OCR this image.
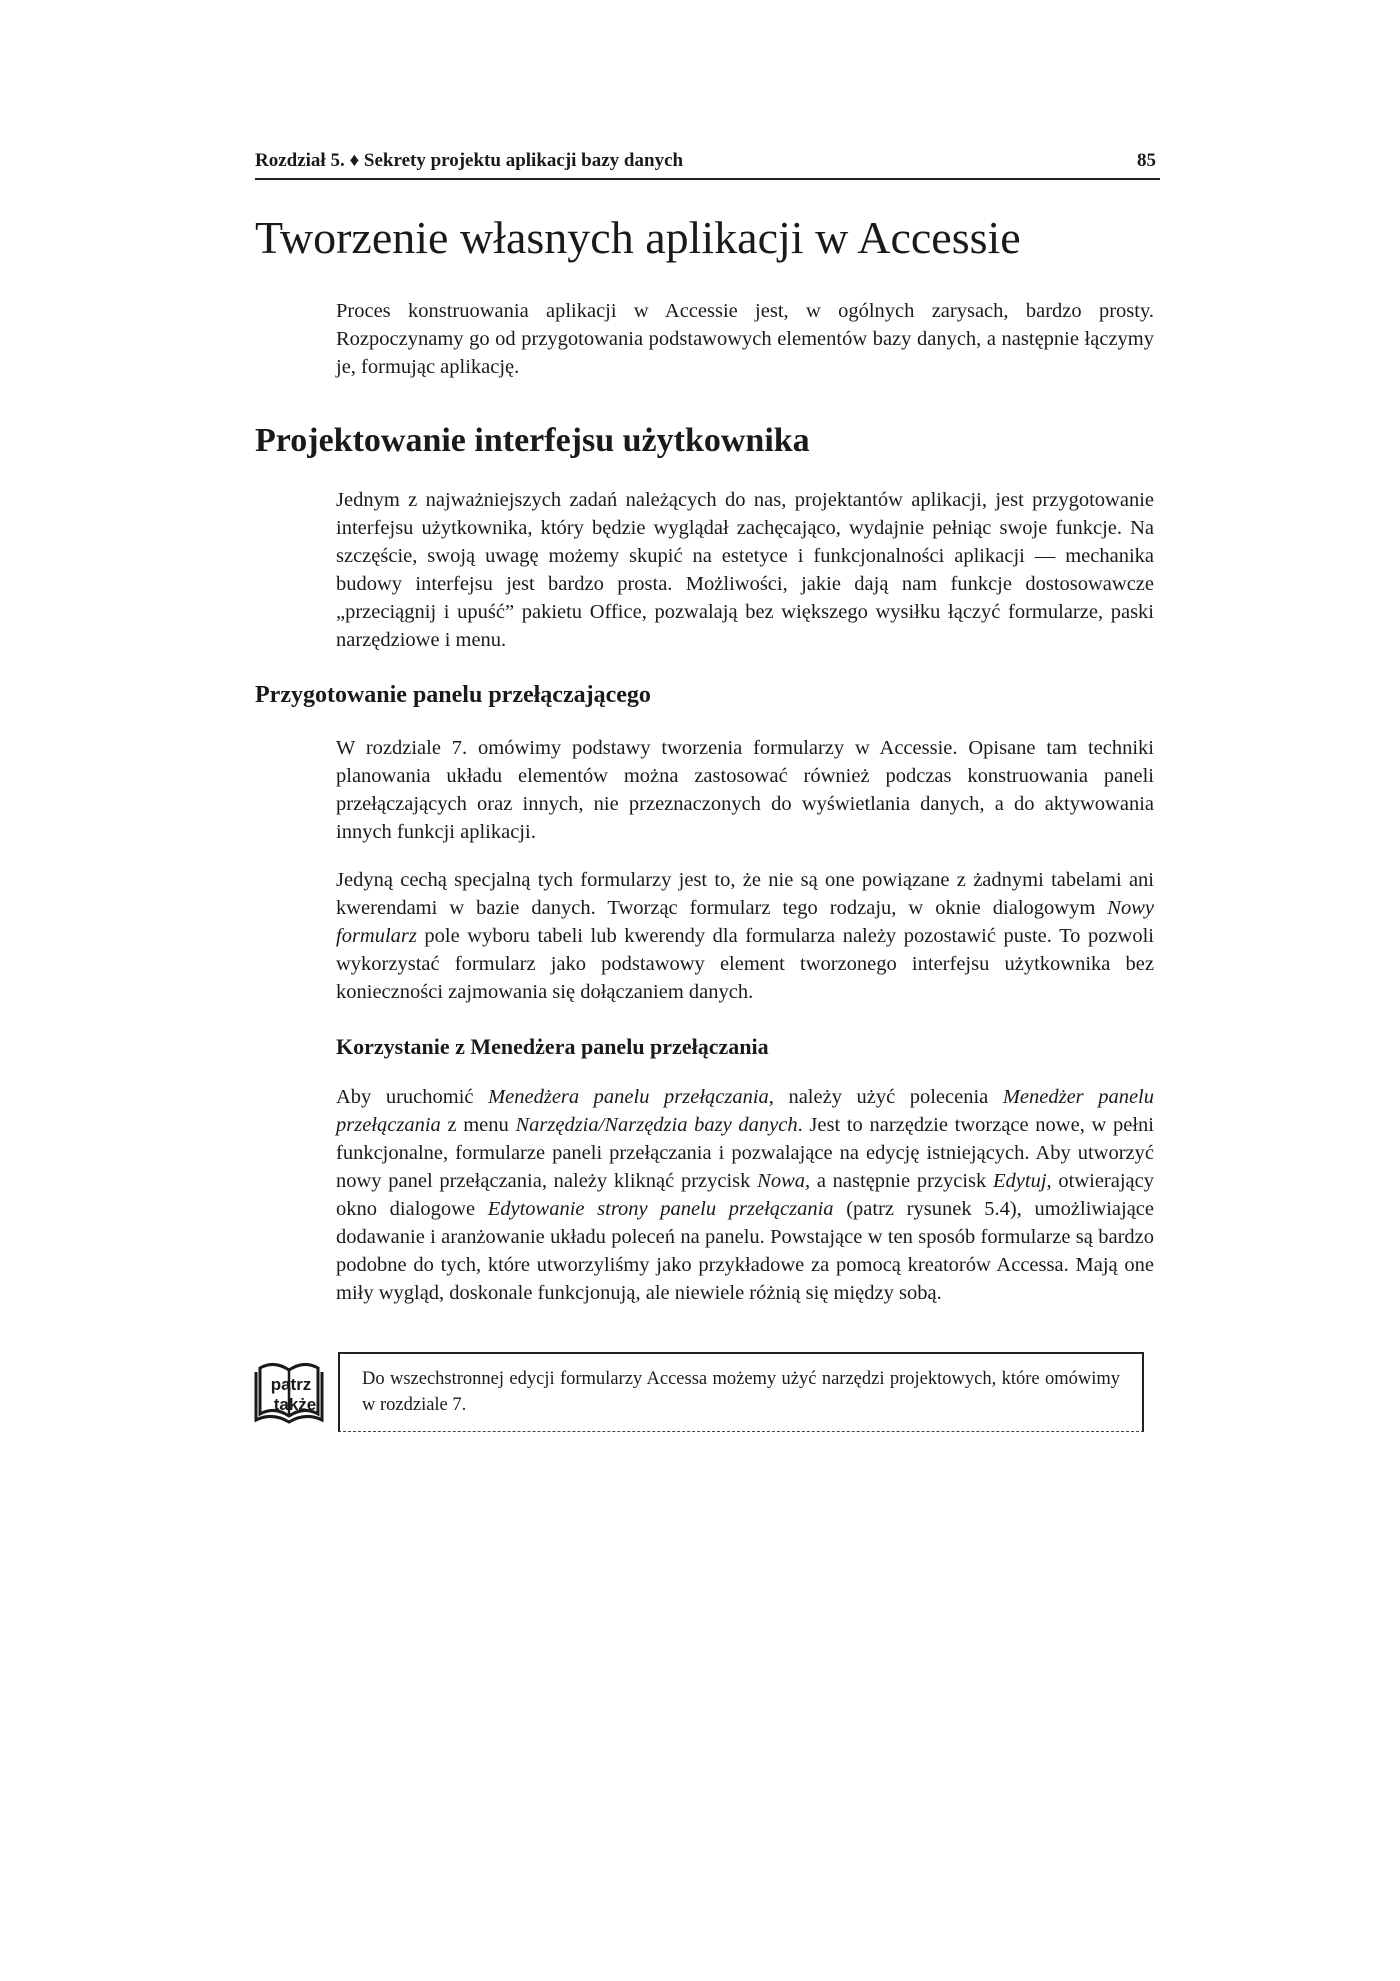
Rozdział 5. ♦ Sekrety projektu aplikacji bazy danych	85
Tworzenie własnych aplikacji w Accessie

Proces konstruowania aplikacji w Accessie jest, w ogólnych zarysach, bardzo prosty. Rozpoczynamy go od przygotowania podstawowych elementów bazy danych, a następnie łączymy je, formując aplikację.

Projektowanie interfejsu użytkownika

Jednym z najważniejszych zadań należących do nas, projektantów aplikacji, jest przygotowanie interfejsu użytkownika, który będzie wyglądał zachęcająco, wydajnie pełniąc swoje funkcje. Na szczęście, swoją uwagę możemy skupić na estetyce i funkcjonalności aplikacji — mechanika budowy interfejsu jest bardzo prosta. Możliwości, jakie dają nam funkcje dostosowawcze „przeciągnij i upuść” pakietu Office, pozwalają bez większego wysiłku łączyć formularze, paski narzędziowe i menu.

Przygotowanie panelu przełączającego

W rozdziale 7. omówimy podstawy tworzenia formularzy w Accessie. Opisane tam techniki planowania układu elementów można zastosować również podczas konstruowania paneli przełączających oraz innych, nie przeznaczonych do wyświetlania danych, a do aktywowania innych funkcji aplikacji.

Jedyną cechą specjalną tych formularzy jest to, że nie są one powiązane z żadnymi tabelami ani kwerendami w bazie danych. Tworząc formularz tego rodzaju, w oknie dialogowym Nowy formularz pole wyboru tabeli lub kwerendy dla formularza należy pozostawić puste. To pozwoli wykorzystać formularz jako podstawowy element tworzonego interfejsu użytkownika bez konieczności zajmowania się dołączaniem danych.

Korzystanie z Menedżera panelu przełączania

Aby uruchomić Menedżera panelu przełączania, należy użyć polecenia Menedżer panelu przełączania z menu Narzędzia/Narzędzia bazy danych. Jest to narzędzie tworzące nowe, w pełni funkcjonalne, formularze paneli przełączania i pozwalające na edycję istniejących. Aby utworzyć nowy panel przełączania, należy kliknąć przycisk Nowa, a następnie przycisk Edytuj, otwierający okno dialogowe Edytowanie strony panelu przełączania (patrz rysunek 5.4), umożliwiające dodawanie i aranżowanie układu poleceń na panelu. Powstające w ten sposób formularze są bardzo podobne do tych, które utworzyliśmy jako przykładowe za pomocą kreatorów Accessa. Mają one miły wygląd, doskonale funkcjonują, ale niewiele różnią się między sobą.

patrz
także

Do wszechstronnej edycji formularzy Accessa możemy użyć narzędzi projektowych, które omówimy w rozdziale 7.
